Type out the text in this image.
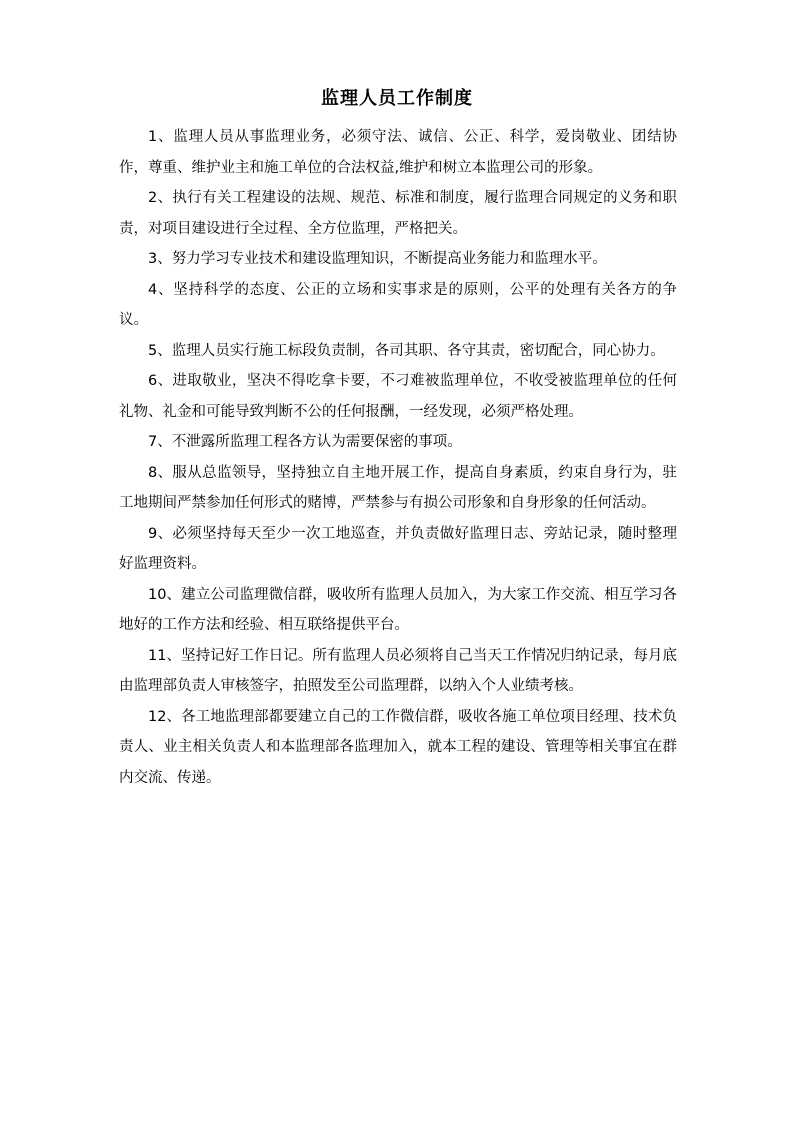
监理人员工作制度

1、监理人员从事监理业务，必须守法、诚信、公正、科学，爱岗敬业、团结协作，尊重、维护业主和施工单位的合法权益,维护和树立本监理公司的形象。

2、执行有关工程建设的法规、规范、标准和制度，履行监理合同规定的义务和职责，对项目建设进行全过程、全方位监理，严格把关。

3、努力学习专业技术和建设监理知识，不断提高业务能力和监理水平。

4、坚持科学的态度、公正的立场和实事求是的原则，公平的处理有关各方的争议。

5、监理人员实行施工标段负责制，各司其职、各守其责，密切配合，同心协力。

6、进取敬业，坚决不得吃拿卡要，不刁难被监理单位，不收受被监理单位的任何礼物、礼金和可能导致判断不公的任何报酬，一经发现，必须严格处理。

7、不泄露所监理工程各方认为需要保密的事项。

8、服从总监领导，坚持独立自主地开展工作，提高自身素质，约束自身行为，驻工地期间严禁参加任何形式的赌博，严禁参与有损公司形象和自身形象的任何活动。

9、必须坚持每天至少一次工地巡查，并负责做好监理日志、旁站记录，随时整理好监理资料。

10、建立公司监理微信群，吸收所有监理人员加入，为大家工作交流、相互学习各地好的工作方法和经验、相互联络提供平台。

11、坚持记好工作日记。所有监理人员必须将自己当天工作情况归纳记录，每月底由监理部负责人审核签字，拍照发至公司监理群，以纳入个人业绩考核。

12、各工地监理部都要建立自己的工作微信群，吸收各施工单位项目经理、技术负责人、业主相关负责人和本监理部各监理加入，就本工程的建设、管理等相关事宜在群内交流、传递。
